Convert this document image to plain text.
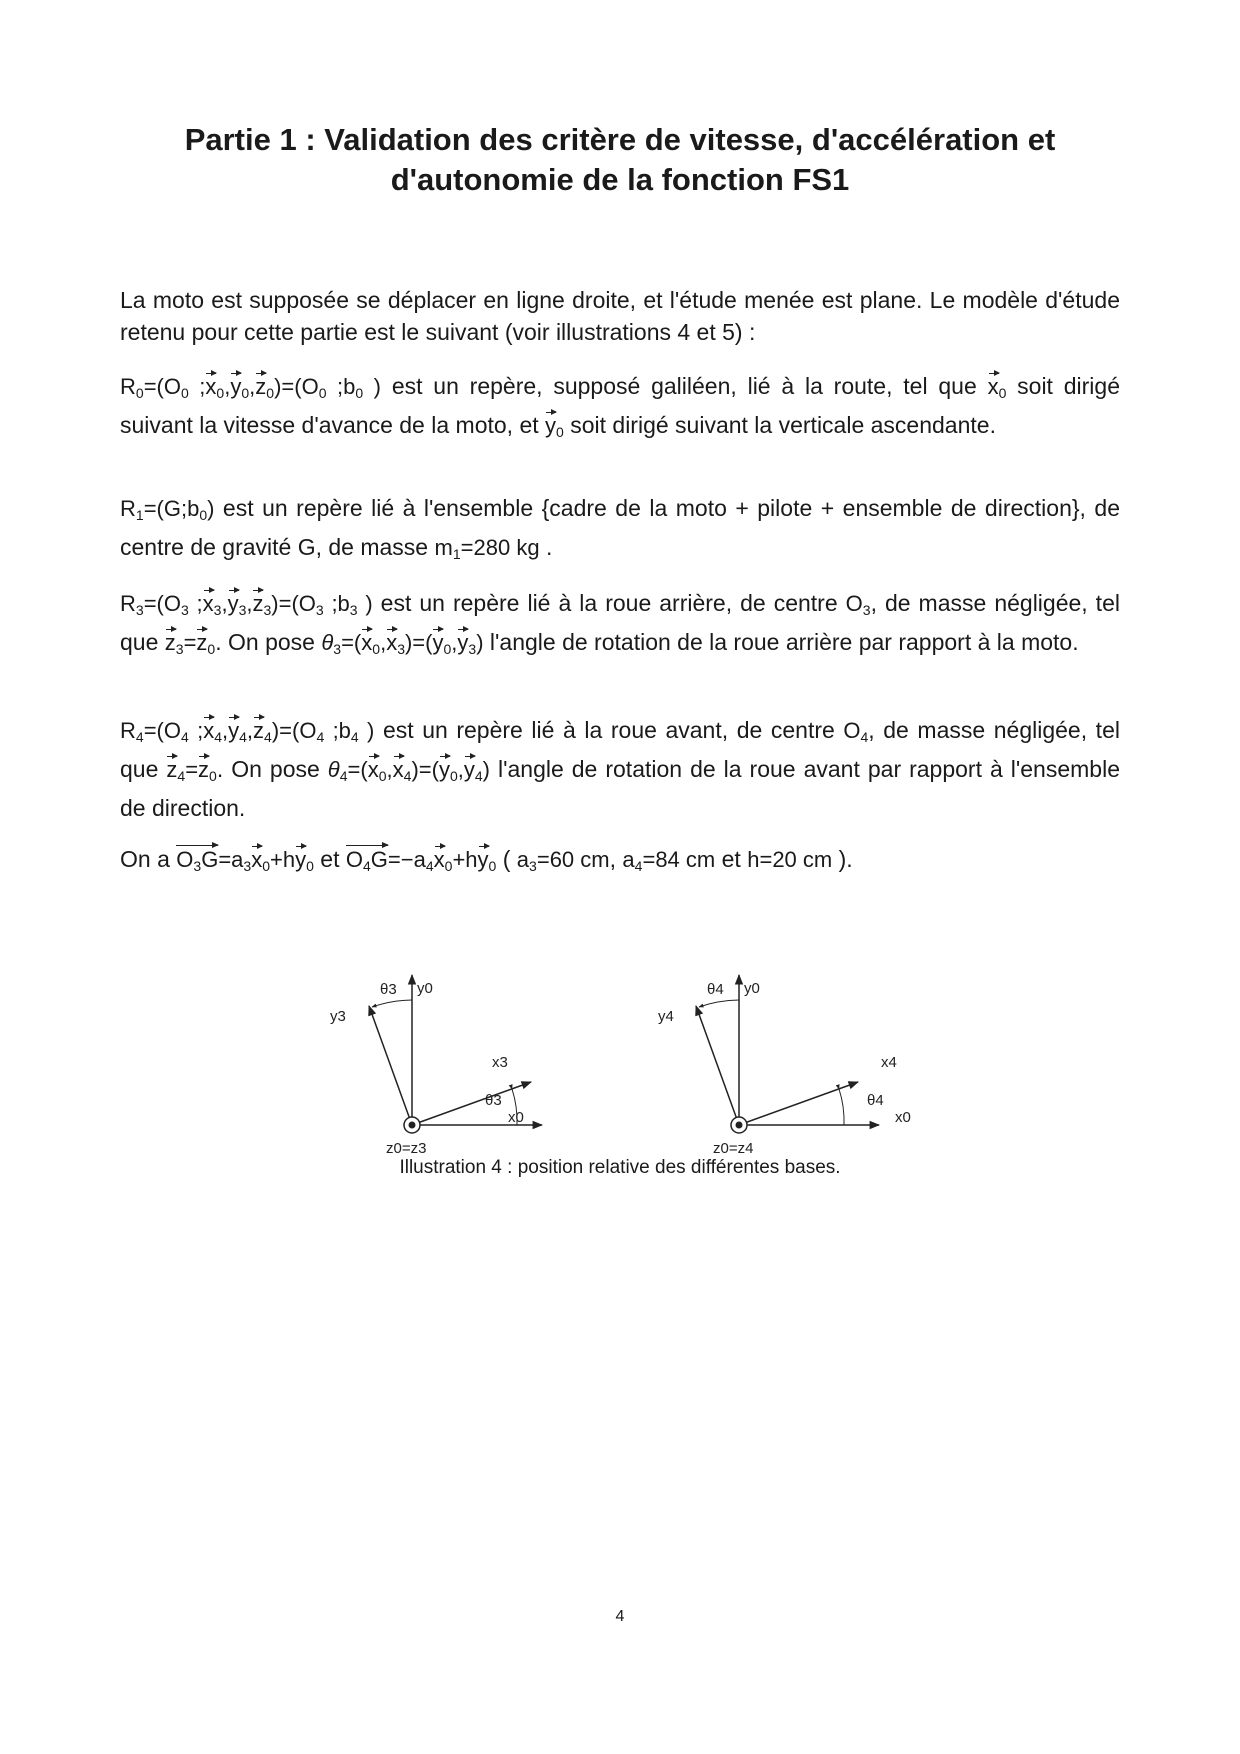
Partie 1 : Validation des critère de vitesse, d'accélération et
d'autonomie de la fonction FS1
La moto est supposée se déplacer en ligne droite, et l'étude menée est plane. Le modèle d'étude retenu pour cette partie est le suivant (voir illustrations 4 et 5) :
$R_0=(O_0$ $;x_0,y_0,z_0)=(O_0$ $;b_0$ ) est un repère, supposé galiléen, lié à la route, tel que $x_0$ soit dirigé suivant la vitesse d'avance de la moto, et $y_0$ soit dirigé suivant la verticale ascendante.
$R_1=(G;b_0)$ est un repère lié à l'ensemble {cadre de la moto + pilote + ensemble de direction}, de centre de gravité G, de masse $m_1=280$ kg .
$R_3=(O_3$ $;x_3,y_3,z_3)=(O_3$ $;b_3$ ) est un repère lié à la roue arrière, de centre $O_3$, de masse négligée, tel que $z_3=z_0$. On pose $\theta_3=(x_0,x_3)=(y_0,y_3)$ l'angle de rotation de la roue arrière par rapport à la moto.
$R_4=(O_4$ $;x_4,y_4,z_4)=(O_4$ $;b_4$ ) est un repère lié à la roue avant, de centre $O_4$, de masse négligée, tel que $z_4=z_0$. On pose $\theta_4=(x_0,x_4)=(y_0,y_4)$ l'angle de rotation de la roue avant par rapport à l'ensemble de direction.
On a $O_3G=a_3x_0+hy_0$ et $O_4G=-a_4x_0+hy_0$ ( $a_3=60$ cm, $a_4=84$ cm et h=20 cm ).
y0
θ3
y3
x3
θ3
x0
z0=z3
y0
θ4
y4
x4
θ4
x0
z0=z4
Illustration 4 : position relative des différentes bases.
4
